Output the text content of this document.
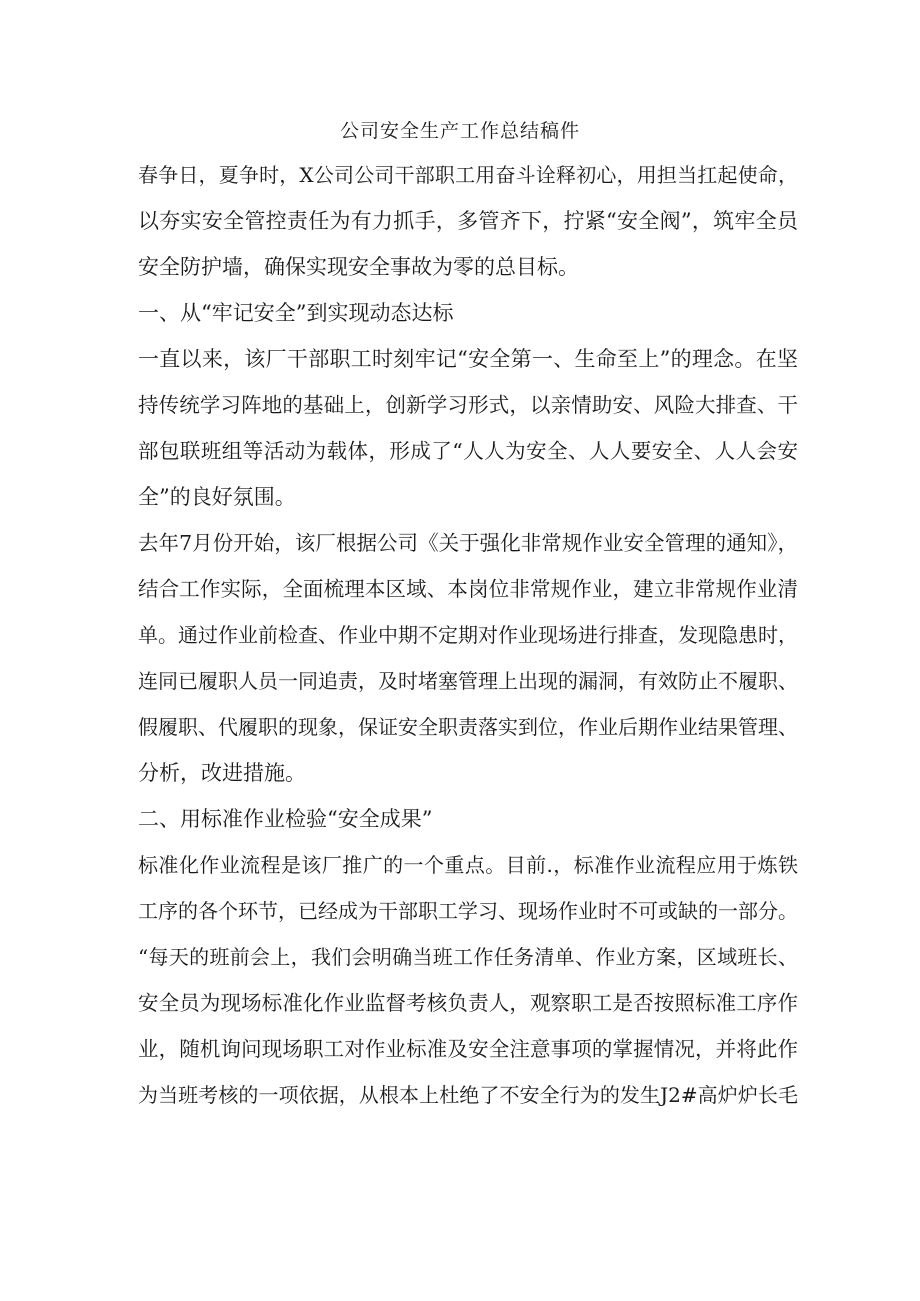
公司安全生产工作总结稿件
春争日，夏争时，X公司公司干部职工用奋斗诠释初心，用担当扛起使命，
以夯实安全管控责任为有力抓手，多管齐下，拧紧“安全阀”，筑牢全员
安全防护墙，确保实现安全事故为零的总目标。
一、从“牢记安全”到实现动态达标
一直以来，该厂干部职工时刻牢记“安全第一、生命至上”的理念。在坚
持传统学习阵地的基础上，创新学习形式，以亲情助安、风险大排查、干
部包联班组等活动为载体，形成了“人人为安全、人人要安全、人人会安
全”的良好氛围。
去年7月份开始，该厂根据公司《关于强化非常规作业安全管理的通知》，
结合工作实际，全面梳理本区域、本岗位非常规作业，建立非常规作业清
单。通过作业前检查、作业中期不定期对作业现场进行排查，发现隐患时，
连同已履职人员一同追责，及时堵塞管理上出现的漏洞，有效防止不履职、
假履职、代履职的现象，保证安全职责落实到位，作业后期作业结果管理、
分析，改进措施。
二、用标准作业检验“安全成果”
标准化作业流程是该厂推广的一个重点。目前.，标准作业流程应用于炼铁
工序的各个环节，已经成为干部职工学习、现场作业时不可或缺的一部分。
“每天的班前会上，我们会明确当班工作任务清单、作业方案，区域班长、
安全员为现场标准化作业监督考核负责人，观察职工是否按照标准工序作
业，随机询问现场职工对作业标准及安全注意事项的掌握情况，并将此作
为当班考核的一项依据，从根本上杜绝了不安全行为的发生J2#高炉炉长毛
